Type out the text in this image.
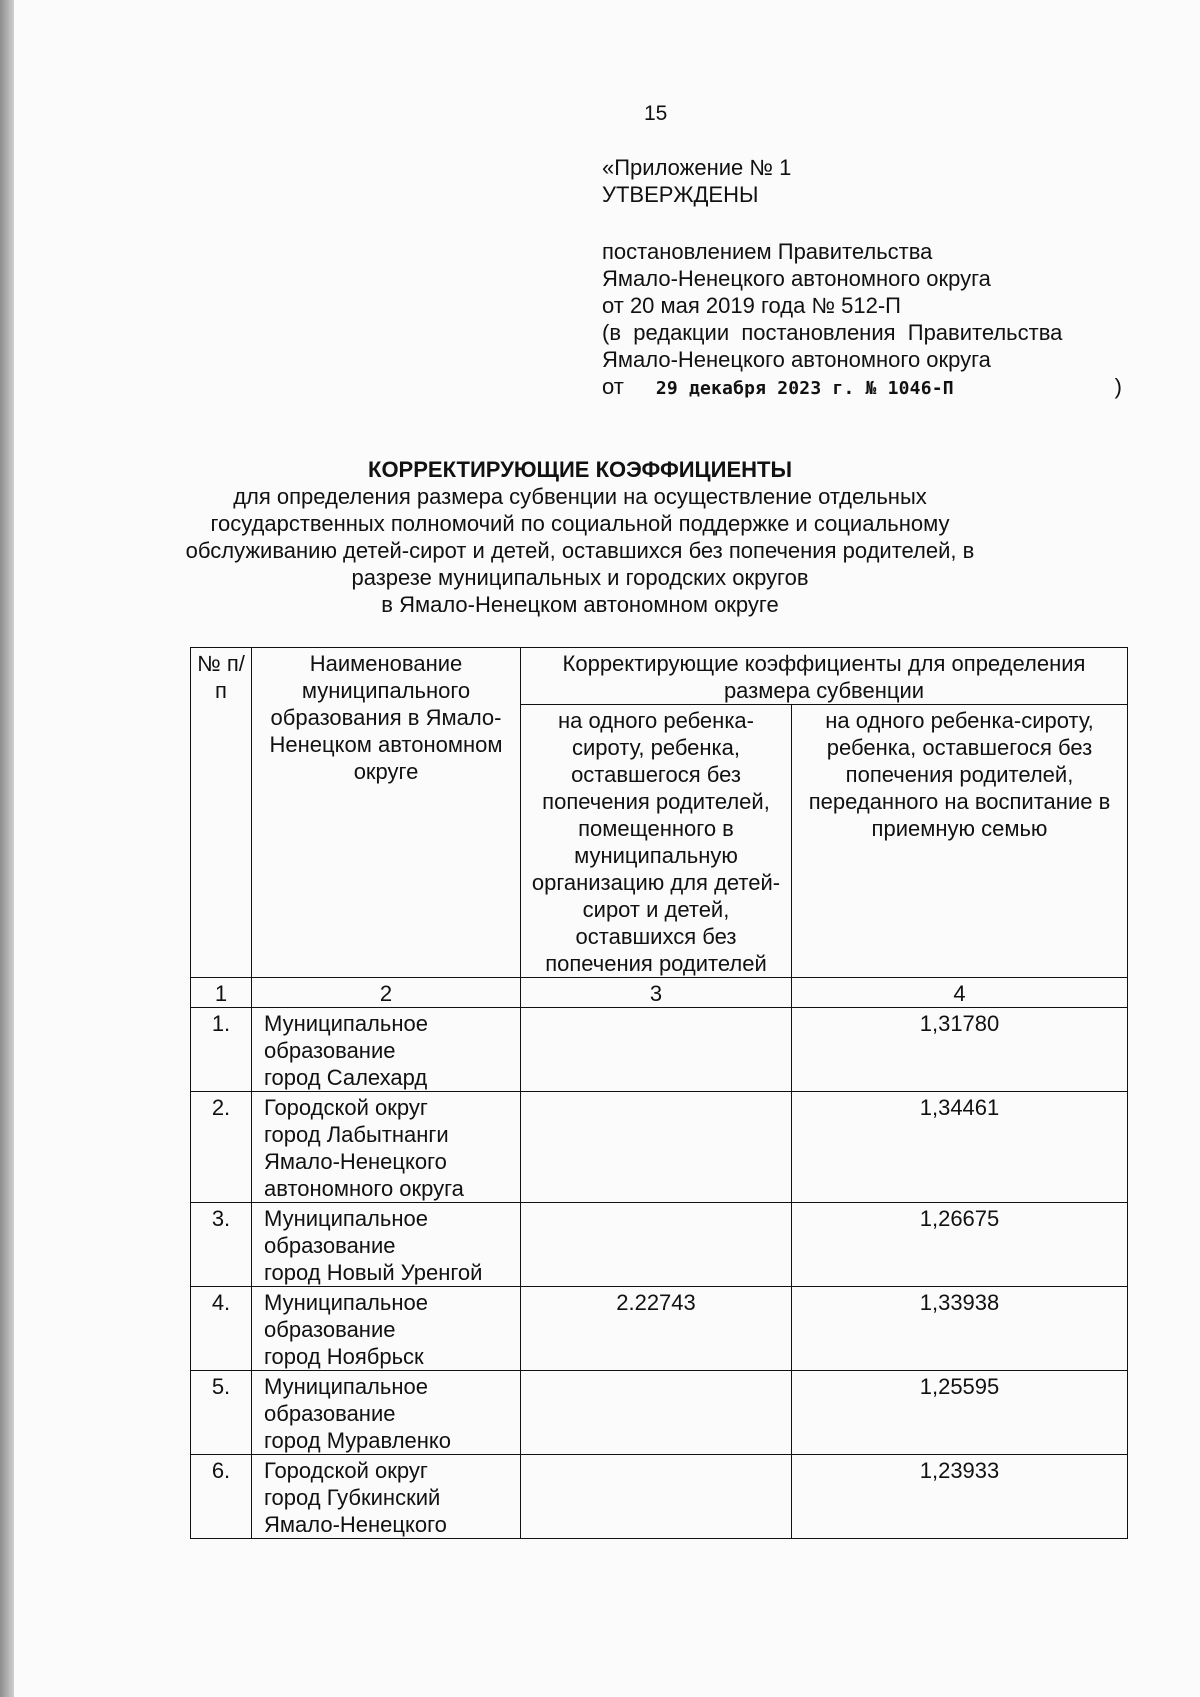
15
«Приложение № 1
УТВЕРЖДЕНЫ
постановлением Правительства
Ямало-Ненецкого автономного округа
от 20 мая 2019 года № 512-П
(в  редакции  постановления  Правительства
Ямало-Ненецкого автономного округа
от 29 декабря 2023 г. № 1046-П	)
КОРРЕКТИРУЮЩИЕ КОЭФФИЦИЕНТЫ
для определения размера субвенции на осуществление отдельных
государственных полномочий по социальной поддержке и социальному
обслуживанию детей-сирот и детей, оставшихся без попечения родителей, в
разрезе муниципальных и городских округов
в Ямало-Ненецком автономном округе
№ п/п	Наименование муниципального образования в Ямало-Ненецком автономном округе	Корректирующие коэффициенты для определения размера субвенции	
		на одного ребенка-сироту, ребенка, оставшегося без попечения родителей, помещенного в муниципальную организацию для детей-сирот и детей, оставшихся без попечения родителей	на одного ребенка-сироту, ребенка, оставшегося без попечения родителей, переданного на воспитание в приемную семью
1	2	3	4
1.	Муниципальное
образование
город Салехард		1,31780
2.	Городской округ
город Лабытнанги
Ямало-Ненецкого
автономного округа		1,34461
3.	Муниципальное
образование
город Новый Уренгой		1,26675
4.	Муниципальное
образование
город Ноябрьск	2.22743	1,33938
5.	Муниципальное
образование
город Муравленко		1,25595
6.	Городской округ
город Губкинский
Ямало-Ненецкого		1,23933
